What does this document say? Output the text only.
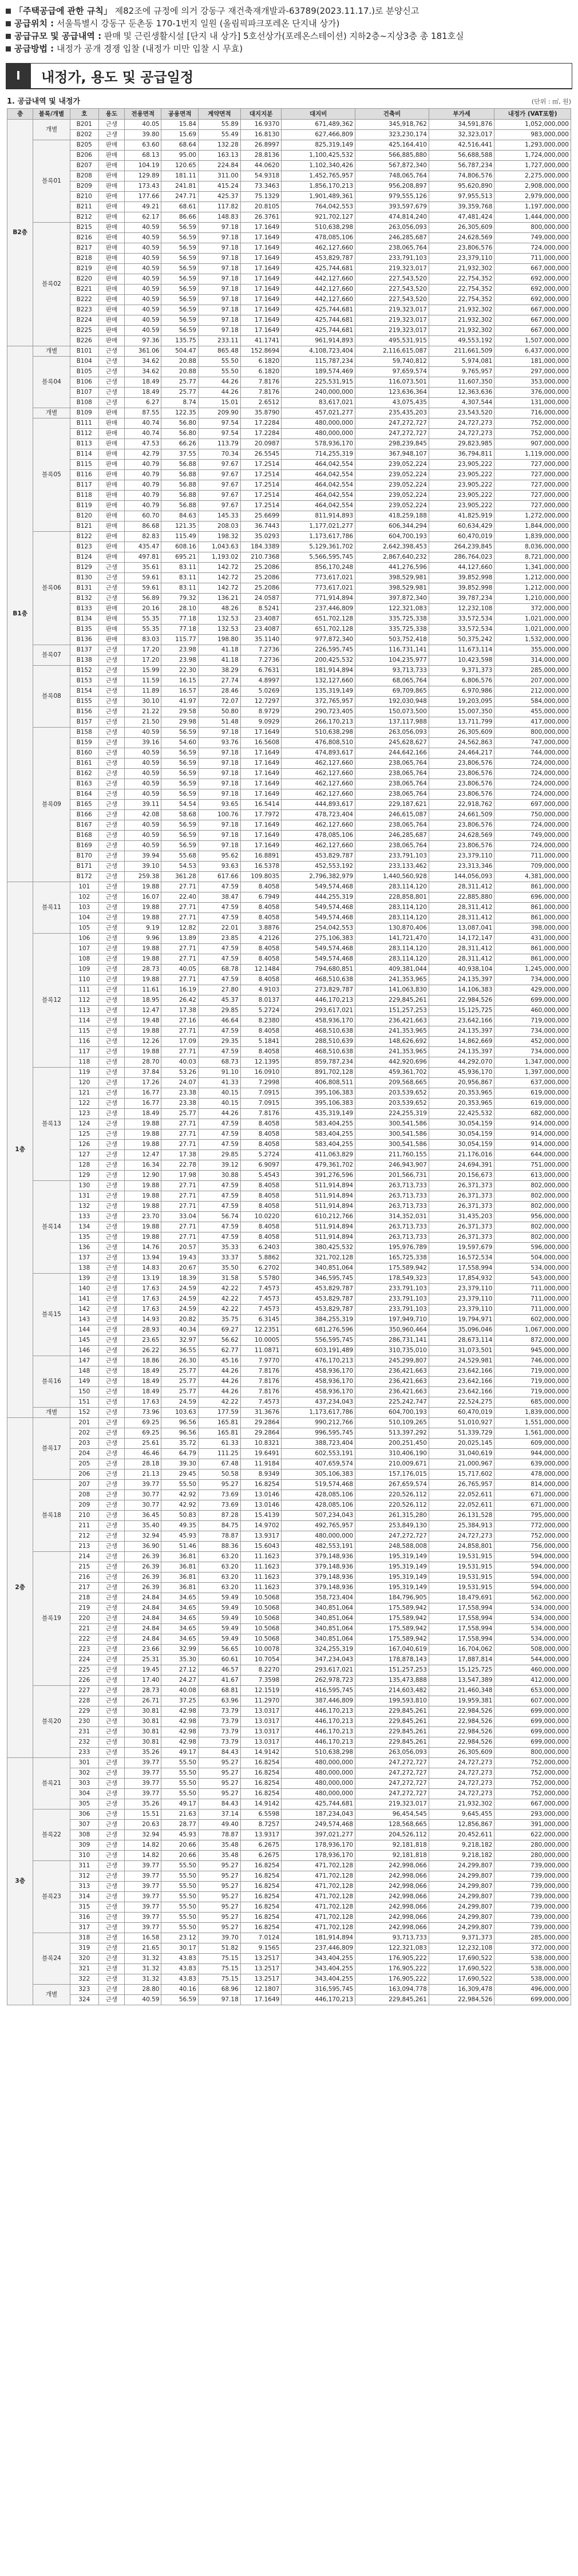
「주택공급에 관한 규칙」 제82조에 규정에 의거 강동구 재건축재개발과-63789(2023.11.17.)로 분양신고
공급위치 : 서울특별시 강동구 둔촌동 170-1번지 일원 (올림픽파크포레온 단지내 상가)
공급규모 및 공급내역 : 판매 및 근린생활시설 [단지 내 상가] 5호선상가(포레온스테이션) 지하2층~지상3층 총 181호실
공급방법 : 내정가 공개 경쟁 입찰 (내정가 미만 입찰 시 무효)
I	내정가, 용도 및 공급일정
1. 공급내역 및 내정가	(단위 : ㎡, 원)
층	블록/개별	호	용도	전용면적	공용면적	계약면적	대지지분	대지비	건축비	부가세	내정가 (VAT포함)
B2층	개별	B201	근생	40.05	15.84	55.89	16.9370	671,489,362	345,918,762	34,591,876	1,052,000,000
		B202	근생	39.80	15.69	55.49	16.8130	627,466,809	323,230,174	32,323,017	983,000,000
	블록01	B205	판매	63.60	68.64	132.28	26.8997	825,319,149	425,164,410	42,516,441	1,293,000,000
		B206	판매	68.13	95.00	163.13	28.8136	1,100,425,532	566,885,880	56,688,588	1,724,000,000
		B207	판매	104.19	120.65	224.84	44.0620	1,102,340,426	567,872,340	56,787,234	1,727,000,000
		B208	판매	129.89	181.11	311.00	54.9318	1,452,765,957	748,065,764	74,806,576	2,275,000,000
		B209	판매	173.43	241.81	415.24	73.3463	1,856,170,213	956,208,897	95,620,890	2,908,000,000
		B210	판매	177.66	247.71	425.37	75.1329	1,901,489,361	979,555,126	97,955,513	2,979,000,000
		B211	판매	49.21	68.61	117.82	20.8105	764,042,553	393,597,679	39,359,768	1,197,000,000
		B212	판매	62.17	86.66	148.83	26.3761	921,702,127	474,814,240	47,481,424	1,444,000,000
	블록02	B215	판매	40.59	56.59	97.18	17.1649	510,638,298	263,056,093	26,305,609	800,000,000
		B216	판매	40.59	56.59	97.18	17.1649	478,085,106	246,285,687	24,628,569	749,000,000
		B217	판매	40.59	56.59	97.18	17.1649	462,127,660	238,065,764	23,806,576	724,000,000
		B218	판매	40.59	56.59	97.18	17.1649	453,829,787	233,791,103	23,379,110	711,000,000
		B219	판매	40.59	56.59	97.18	17.1649	425,744,681	219,323,017	21,932,302	667,000,000
		B220	판매	40.59	56.59	97.18	17.1649	442,127,660	227,543,520	22,754,352	692,000,000
		B221	판매	40.59	56.59	97.18	17.1649	442,127,660	227,543,520	22,754,352	692,000,000
		B222	판매	40.59	56.59	97.18	17.1649	442,127,660	227,543,520	22,754,352	692,000,000
		B223	판매	40.59	56.59	97.18	17.1649	425,744,681	219,323,017	21,932,302	667,000,000
		B224	판매	40.59	56.59	97.18	17.1649	425,744,681	219,323,017	21,932,302	667,000,000
		B225	판매	40.59	56.59	97.18	17.1649	425,744,681	219,323,017	21,932,302	667,000,000
		B226	판매	97.36	135.75	233.11	41.1741	961,914,893	495,531,915	49,553,192	1,507,000,000
B1층	개별	B101	근생	361.06	504.47	865.48	152.8694	4,108,723,404	2,116,615,087	211,661,509	6,437,000,000
	블록04	B104	근생	34.62	20.88	55.50	6.1820	115,787,234	59,740,812	5,974,081	181,000,000
		B105	근생	34.62	20.88	55.50	6.1820	189,574,469	97,659,574	9,765,957	297,000,000
		B106	근생	18.49	25.77	44.26	7.8176	225,531,915	116,073,501	11,607,350	353,000,000
		B107	근생	18.49	25.77	44.26	7.8176	240,000,000	123,636,364	12,363,636	376,000,000
		B108	근생	6.27	8.74	15.01	2.6512	83,617,021	43,075,435	4,307,544	131,000,000
	개별	B109	판매	87.55	122.35	209.90	35.8790	457,021,277	235,435,203	23,543,520	716,000,000
	블록05	B111	판매	40.74	56.80	97.54	17.2284	480,000,000	247,272,727	24,727,273	752,000,000
		B112	판매	40.74	56.80	97.54	17.2284	480,000,000	247,272,727	24,727,273	752,000,000
		B113	판매	47.53	66.26	113.79	20.0987	578,936,170	298,239,845	29,823,985	907,000,000
		B114	판매	42.79	37.55	70.34	26.5545	714,255,319	367,948,107	36,794,811	1,119,000,000
		B115	판매	40.79	56.88	97.67	17.2514	464,042,554	239,052,224	23,905,222	727,000,000
		B116	판매	40.79	56.88	97.67	17.2514	464,042,554	239,052,224	23,905,222	727,000,000
		B117	판매	40.79	56.88	97.67	17.2514	464,042,554	239,052,224	23,905,222	727,000,000
		B118	판매	40.79	56.88	97.67	17.2514	464,042,554	239,052,224	23,905,222	727,000,000
		B119	판매	40.79	56.88	97.67	17.2514	464,042,554	239,052,224	23,905,222	727,000,000
		B120	판매	60.70	84.63	145.33	25.6699	811,914,893	418,259,188	41,825,919	1,272,000,000
		B121	판매	86.68	121.35	208.03	36.7443	1,177,021,277	606,344,294	60,634,429	1,844,000,000
	블록06	B122	판매	82.83	115.49	198.32	35.0293	1,173,617,786	604,700,193	60,470,019	1,839,000,000
		B123	판매	435.47	608.16	1,043.63	184.3389	5,129,361,702	2,642,398,453	264,239,845	8,036,000,000
		B124	판매	497.81	695.21	1,193.02	210.7368	5,566,595,745	2,867,640,232	286,764,023	8,721,000,000
		B129	근생	35.61	83.11	142.72	25.2086	856,170,248	441,276,596	44,127,660	1,341,000,000
		B130	근생	59.61	83.11	142.72	25.2086	773,617,021	398,529,981	39,852,998	1,212,000,000
		B131	근생	59.61	83.11	142.72	25.2086	773,617,021	398,529,981	39,852,998	1,212,000,000
		B132	근생	56.89	79.32	136.21	24.0587	771,914,894	397,872,340	39,787,234	1,210,000,000
		B133	판매	20.16	28.10	48.26	8.5241	237,446,809	122,321,083	12,232,108	372,000,000
		B134	판매	55.35	77.18	132.53	23.4087	651,702,128	335,725,338	33,572,534	1,021,000,000
		B135	판매	55.35	77.18	132.53	23.4087	651,702,128	335,725,338	33,572,534	1,021,000,000
		B136	판매	83.03	115.77	198.80	35.1140	977,872,340	503,752,418	50,375,242	1,532,000,000
	블록07	B137	근생	17.20	23.98	41.18	7.2736	226,595,745	116,731,141	11,673,114	355,000,000
		B138	근생	17.20	23.98	41.18	7.2736	200,425,532	104,235,977	10,423,598	314,000,000
	블록08	B152	근생	15.99	22.30	38.29	6.7631	181,914,894	93,713,733	9,371,373	285,000,000
		B153	근생	11.59	16.15	27.74	4.8997	132,127,660	68,065,764	6,806,576	207,000,000
		B154	근생	11.89	16.57	28.46	5.0269	135,319,149	69,709,865	6,970,986	212,000,000
		B155	근생	30.10	41.97	72.07	12.7297	372,765,957	192,030,948	19,203,095	584,000,000
		B156	근생	21.22	29.58	50.80	8.9729	290,723,405	150,073,500	15,007,350	455,000,000
		B157	근생	21.50	29.98	51.48	9.0929	266,170,213	137,117,988	13,711,799	417,000,000
	블록09	B158	근생	40.59	56.59	97.18	17.1649	510,638,298	263,056,093	26,305,609	800,000,000
		B159	근생	39.16	54.60	93.76	16.5608	476,808,510	245,628,627	24,562,863	747,000,000
		B160	근생	40.59	56.59	97.18	17.1649	474,893,617	244,642,166	24,464,217	744,000,000
		B161	근생	40.59	56.59	97.18	17.1649	462,127,660	238,065,764	23,806,576	724,000,000
		B162	근생	40.59	56.59	97.18	17.1649	462,127,660	238,065,764	23,806,576	724,000,000
		B163	근생	40.59	56.59	97.18	17.1649	462,127,660	238,065,764	23,806,576	724,000,000
		B164	근생	40.59	56.59	97.18	17.1649	462,127,660	238,065,764	23,806,576	724,000,000
		B165	근생	39.11	54.54	93.65	16.5414	444,893,617	229,187,621	22,918,762	697,000,000
		B166	근생	42.08	58.68	100.76	17.7972	478,723,404	246,615,087	24,661,509	750,000,000
		B167	근생	40.59	56.59	97.18	17.1649	462,127,660	238,065,764	23,806,576	724,000,000
		B168	근생	40.59	56.59	97.18	17.1649	478,085,106	246,285,687	24,628,569	749,000,000
		B169	근생	40.59	56.59	97.18	17.1649	462,127,660	238,065,764	23,806,576	724,000,000
		B170	근생	39.94	55.68	95.62	16.8891	453,829,787	233,791,103	23,379,110	711,000,000
		B171	근생	39.10	54.53	93.63	16.5378	452,553,192	233,133,462	23,313,346	709,000,000
		B172	근생	259.38	361.28	617.66	109.8035	2,796,382,979	1,440,560,928	144,056,093	4,381,000,000
1층	블록11	101	근생	19.88	27.71	47.59	8.4058	549,574,468	283,114,120	28,311,412	861,000,000
		102	근생	16.07	22.40	38.47	6.7949	444,255,319	228,858,801	22,885,880	696,000,000
		103	근생	19.88	27.71	47.59	8.4058	549,574,468	283,114,120	28,311,412	861,000,000
		104	근생	19.88	27.71	47.59	8.4058	549,574,468	283,114,120	28,311,412	861,000,000
		105	근생	9.19	12.82	22.01	3.8876	254,042,553	130,870,406	13,087,041	398,000,000
	블록12	106	근생	9.96	13.89	23.85	4.2126	275,106,383	141,721,470	14,172,147	431,000,000
		107	근생	19.88	27.71	47.59	8.4058	549,574,468	283,114,120	28,311,412	861,000,000
		108	근생	19.88	27.71	47.59	8.4058	549,574,468	283,114,120	28,311,412	861,000,000
		109	근생	28.73	40.05	68.78	12.1484	794,680,851	409,381,044	40,938,104	1,245,000,000
		110	근생	19.88	27.71	47.59	8.4058	468,510,638	241,353,965	24,135,397	734,000,000
		111	근생	11.61	16.19	27.80	4.9103	273,829,787	141,063,830	14,106,383	429,000,000
		112	근생	18.95	26.42	45.37	8.0137	446,170,213	229,845,261	22,984,526	699,000,000
		113	근생	12.47	17.38	29.85	5.2724	293,617,021	151,257,253	15,125,725	460,000,000
		114	근생	19.48	27.16	46.64	8.2380	458,936,170	236,421,663	23,642,166	719,000,000
		115	근생	19.88	27.71	47.59	8.4058	468,510,638	241,353,965	24,135,397	734,000,000
		116	근생	12.26	17.09	29.35	5.1841	288,510,639	148,626,692	14,862,669	452,000,000
		117	근생	19.88	27.71	47.59	8.4058	468,510,638	241,353,965	24,135,397	734,000,000
		118	근생	28.70	40.03	68.73	12.1395	859,787,234	442,920,696	44,292,070	1,347,000,000
	블록13	119	근생	37.84	53.26	91.10	16.0910	891,702,128	459,361,702	45,936,170	1,397,000,000
		120	근생	17.26	24.07	41.33	7.2998	406,808,511	209,568,665	20,956,867	637,000,000
		121	근생	16.77	23.38	40.15	7.0915	395,106,383	203,539,652	20,353,965	619,000,000
		122	근생	16.77	23.38	40.15	7.0915	395,106,383	203,539,652	20,353,965	619,000,000
		123	근생	18.49	25.77	44.26	7.8176	435,319,149	224,255,319	22,425,532	682,000,000
		124	근생	19.88	27.71	47.59	8.4058	583,404,255	300,541,586	30,054,159	914,000,000
		125	근생	19.88	27.71	47.59	8.4058	583,404,255	300,541,586	30,054,159	914,000,000
		126	근생	19.88	27.71	47.59	8.4058	583,404,255	300,541,586	30,054,159	914,000,000
		127	근생	12.47	17.38	29.85	5.2724	411,063,829	211,760,155	21,176,016	644,000,000
		128	근생	16.34	22.78	39.12	6.9097	479,361,702	246,943,907	24,694,391	751,000,000
		129	근생	12.90	17.98	30.88	5.4543	391,276,596	201,566,731	20,156,673	613,000,000
	블록14	130	근생	19.88	27.71	47.59	8.4058	511,914,894	263,713,733	26,371,373	802,000,000
		131	근생	19.88	27.71	47.59	8.4058	511,914,894	263,713,733	26,371,373	802,000,000
		132	근생	19.88	27.71	47.59	8.4058	511,914,894	263,713,733	26,371,373	802,000,000
		133	근생	23.70	33.04	56.74	10.0220	610,212,766	314,352,031	31,435,203	956,000,000
		134	근생	19.88	27.71	47.59	8.4058	511,914,894	263,713,733	26,371,373	802,000,000
		135	근생	19.88	27.71	47.59	8.4058	511,914,894	263,713,733	26,371,373	802,000,000
		136	근생	14.76	20.57	35.33	6.2403	380,425,532	195,976,789	19,597,679	596,000,000
		137	근생	13.94	19.43	33.37	5.8862	321,702,128	165,725,338	16,572,534	504,000,000
		138	근생	14.83	20.67	35.50	6.2702	340,851,064	175,589,942	17,558,994	534,000,000
	블록15	139	근생	13.19	18.39	31.58	5.5780	346,595,745	178,549,323	17,854,932	543,000,000
		140	근생	17.63	24.59	42.22	7.4573	453,829,787	233,791,103	23,379,110	711,000,000
		141	근생	17.63	24.59	42.22	7.4573	453,829,787	233,791,103	23,379,110	711,000,000
		142	근생	17.63	24.59	42.22	7.4573	453,829,787	233,791,103	23,379,110	711,000,000
		143	근생	14.93	20.82	35.75	6.3145	384,255,319	197,949,710	19,794,971	602,000,000
		144	근생	28.93	40.34	69.27	12.2351	681,276,596	350,960,464	35,096,046	1,067,000,000
		145	근생	23.65	32.97	56.62	10.0005	556,595,745	286,731,141	28,673,114	872,000,000
		146	근생	26.22	36.55	62.77	11.0871	603,191,489	310,735,010	31,073,501	945,000,000
	블록16	147	근생	18.86	26.30	45.16	7.9770	476,170,213	245,299,807	24,529,981	746,000,000
		148	근생	18.49	25.77	44.26	7.8176	458,936,170	236,421,663	23,642,166	719,000,000
		149	근생	18.49	25.77	44.26	7.8176	458,936,170	236,421,663	23,642,166	719,000,000
		150	근생	18.49	25.77	44.26	7.8176	458,936,170	236,421,663	23,642,166	719,000,000
		151	근생	17.63	24.59	42.22	7.4573	437,234,043	225,242,747	22,524,275	685,000,000
	개별	152	근생	73.96	103.63	177.59	31.3676	1,173,617,786	604,700,193	60,470,019	1,839,000,000
2층	블록17	201	근생	69.25	96.56	165.81	29.2864	990,212,766	510,109,265	51,010,927	1,551,000,000
		202	근생	69.25	96.56	165.81	29.2864	996,595,745	513,397,292	51,339,729	1,561,000,000
		203	근생	25.61	35.72	61.33	10.8321	388,723,404	200,251,450	20,025,145	609,000,000
		204	근생	46.46	64.79	111.25	19.6491	602,553,191	310,406,190	31,040,619	944,000,000
		205	근생	28.18	39.30	67.48	11.9184	407,659,574	210,009,671	21,000,967	639,000,000
		206	근생	21.13	29.45	50.58	8.9349	305,106,383	157,176,015	15,717,602	478,000,000
	블록18	207	근생	39.77	55.50	95.27	16.8254	519,574,468	267,659,574	26,765,957	814,000,000
		208	근생	30.77	42.92	73.69	13.0146	428,085,106	220,526,112	22,052,611	671,000,000
		209	근생	30.77	42.92	73.69	13.0146	428,085,106	220,526,112	22,052,611	671,000,000
		210	근생	36.45	50.83	87.28	15.4139	507,234,043	261,315,280	26,131,528	795,000,000
		211	근생	35.40	49.35	84.75	14.9702	492,765,957	253,849,130	25,384,913	772,000,000
		212	근생	32.94	45.93	78.87	13.9317	480,000,000	247,272,727	24,727,273	752,000,000
		213	근생	36.90	51.46	88.36	15.6043	482,553,191	248,588,008	24,858,801	756,000,000
	블록19	214	근생	26.39	36.81	63.20	11.1623	379,148,936	195,319,149	19,531,915	594,000,000
		215	근생	26.39	36.81	63.20	11.1623	379,148,936	195,319,149	19,531,915	594,000,000
		216	근생	26.39	36.81	63.20	11.1623	379,148,936	195,319,149	19,531,915	594,000,000
		217	근생	26.39	36.81	63.20	11.1623	379,148,936	195,319,149	19,531,915	594,000,000
		218	근생	24.84	34.65	59.49	10.5068	358,723,404	184,796,905	18,479,691	562,000,000
		219	근생	24.84	34.65	59.49	10.5068	340,851,064	175,589,942	17,558,994	534,000,000
		220	근생	24.84	34.65	59.49	10.5068	340,851,064	175,589,942	17,558,994	534,000,000
		221	근생	24.84	34.65	59.49	10.5068	340,851,064	175,589,942	17,558,994	534,000,000
		222	근생	24.84	34.65	59.49	10.5068	340,851,064	175,589,942	17,558,994	534,000,000
		223	근생	23.66	32.99	56.65	10.0078	324,255,319	167,040,619	16,704,062	508,000,000
		224	근생	25.31	35.30	60.61	10.7054	347,234,043	178,878,143	17,887,814	544,000,000
		225	근생	19.45	27.12	46.57	8.2270	293,617,021	151,257,253	15,125,725	460,000,000
		226	근생	17.40	24.27	41.67	7.3598	262,978,723	135,473,888	13,547,389	412,000,000
	블록20	227	근생	28.73	40.08	68.81	12.1519	416,595,745	214,603,482	21,460,348	653,000,000
		228	근생	26.71	37.25	63.96	11.2970	387,446,809	199,593,810	19,959,381	607,000,000
		229	근생	30.81	42.98	73.79	13.0317	446,170,213	229,845,261	22,984,526	699,000,000
		230	근생	30.81	42.98	73.79	13.0317	446,170,213	229,845,261	22,984,526	699,000,000
		231	근생	30.81	42.98	73.79	13.0317	446,170,213	229,845,261	22,984,526	699,000,000
		232	근생	30.81	42.98	73.79	13.0317	446,170,213	229,845,261	22,984,526	699,000,000
		233	근생	35.26	49.17	84.43	14.9142	510,638,298	263,056,093	26,305,609	800,000,000
3층	블록21	301	근생	39.77	55.50	95.27	16.8254	480,000,000	247,272,727	24,727,273	752,000,000
		302	근생	39.77	55.50	95.27	16.8254	480,000,000	247,272,727	24,727,273	752,000,000
		303	근생	39.77	55.50	95.27	16.8254	480,000,000	247,272,727	24,727,273	752,000,000
		304	근생	39.77	55.50	95.27	16.8254	480,000,000	247,272,727	24,727,273	752,000,000
		305	근생	35.26	49.17	84.43	14.9142	425,744,681	219,323,017	21,932,302	667,000,000
	블록22	306	근생	15.51	21.63	37.14	6.5598	187,234,043	96,454,545	9,645,455	293,000,000
		307	근생	20.63	28.77	49.40	8.7257	249,574,468	128,568,665	12,856,867	391,000,000
		308	근생	32.94	45.93	78.87	13.9317	397,021,277	204,526,112	20,452,611	622,000,000
		309	근생	14.82	20.66	35.48	6.2675	178,936,170	92,181,818	9,218,182	280,000,000
		310	근생	14.82	20.66	35.48	6.2675	178,936,170	92,181,818	9,218,182	280,000,000
	블록23	311	근생	39.77	55.50	95.27	16.8254	471,702,128	242,998,066	24,299,807	739,000,000
		312	근생	39.77	55.50	95.27	16.8254	471,702,128	242,998,066	24,299,807	739,000,000
		313	근생	39.77	55.50	95.27	16.8254	471,702,128	242,998,066	24,299,807	739,000,000
		314	근생	39.77	55.50	95.27	16.8254	471,702,128	242,998,066	24,299,807	739,000,000
		315	근생	39.77	55.50	95.27	16.8254	471,702,128	242,998,066	24,299,807	739,000,000
		316	근생	39.77	55.50	95.27	16.8254	471,702,128	242,998,066	24,299,807	739,000,000
		317	근생	39.77	55.50	95.27	16.8254	471,702,128	242,998,066	24,299,807	739,000,000
	블록24	318	근생	16.58	23.12	39.70	7.0124	181,914,894	93,713,733	9,371,373	285,000,000
		319	근생	21.65	30.17	51.82	9.1565	237,446,809	122,321,083	12,232,108	372,000,000
		320	근생	31.32	43.83	75.15	13.2517	343,404,255	176,905,222	17,690,522	538,000,000
		321	근생	31.32	43.83	75.15	13.2517	343,404,255	176,905,222	17,690,522	538,000,000
		322	근생	31.32	43.83	75.15	13.2517	343,404,255	176,905,222	17,690,522	538,000,000
	개별	323	근생	28.80	40.16	68.96	12.1807	316,595,745	163,094,778	16,309,478	496,000,000
		324	근생	40.59	56.59	97.18	17.1649	446,170,213	229,845,261	22,984,526	699,000,000
